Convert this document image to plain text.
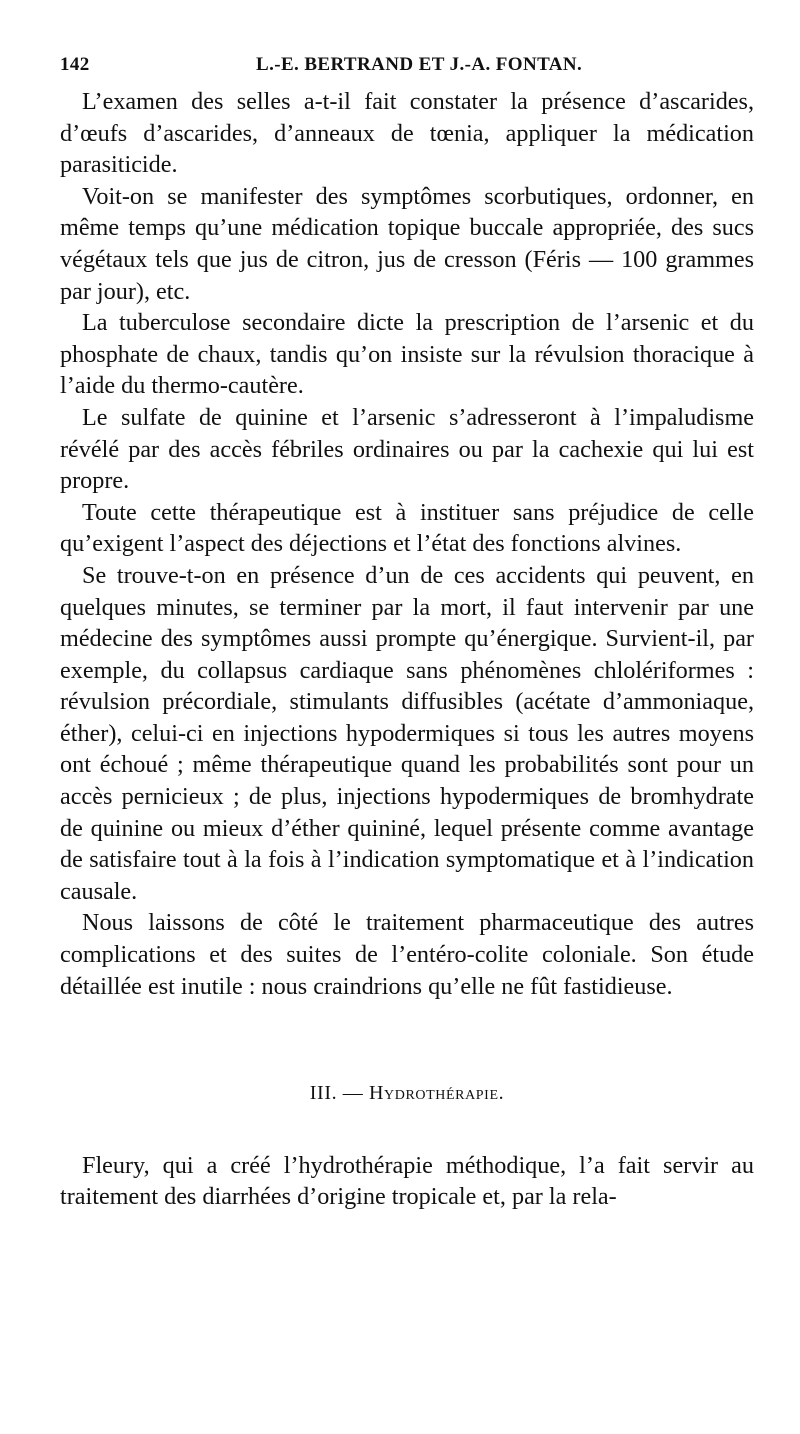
142	L.-E. BERTRAND ET J.-A. FONTAN.

L’examen des selles a-t-il fait constater la présence d’ascarides, d’œufs d’ascarides, d’anneaux de tœnia, appliquer la médication parasiticide.

Voit-on se manifester des symptômes scorbutiques, ordonner, en même temps qu’une médication topique buccale appropriée, des sucs végétaux tels que jus de citron, jus de cresson (Féris — 100 grammes par jour), etc.

La tuberculose secondaire dicte la prescription de l’arsenic et du phosphate de chaux, tandis qu’on insiste sur la révulsion thoracique à l’aide du thermo-cautère.

Le sulfate de quinine et l’arsenic s’adresseront à l’impaludisme révélé par des accès fébriles ordinaires ou par la cachexie qui lui est propre.

Toute cette thérapeutique est à instituer sans préjudice de celle qu’exigent l’aspect des déjections et l’état des fonctions alvines.

Se trouve-t-on en présence d’un de ces accidents qui peuvent, en quelques minutes, se terminer par la mort, il faut intervenir par une médecine des symptômes aussi prompte qu’énergique. Survient-il, par exemple, du collapsus cardiaque sans phénomènes chlolériformes : révulsion précordiale, stimulants diffusibles (acétate d’ammoniaque, éther), celui-ci en injections hypodermiques si tous les autres moyens ont échoué ; même thérapeutique quand les probabilités sont pour un accès pernicieux ; de plus, injections hypodermiques de bromhydrate de quinine ou mieux d’éther quininé, lequel présente comme avantage de satisfaire tout à la fois à l’indication symptomatique et à l’indication causale.

Nous laissons de côté le traitement pharmaceutique des autres complications et des suites de l’entéro-colite coloniale. Son étude détaillée est inutile : nous craindrions qu’elle ne fût fastidieuse.

III. — Hydrothérapie.

Fleury, qui a créé l’hydrothérapie méthodique, l’a fait servir au traitement des diarrhées d’origine tropicale et, par la rela-
